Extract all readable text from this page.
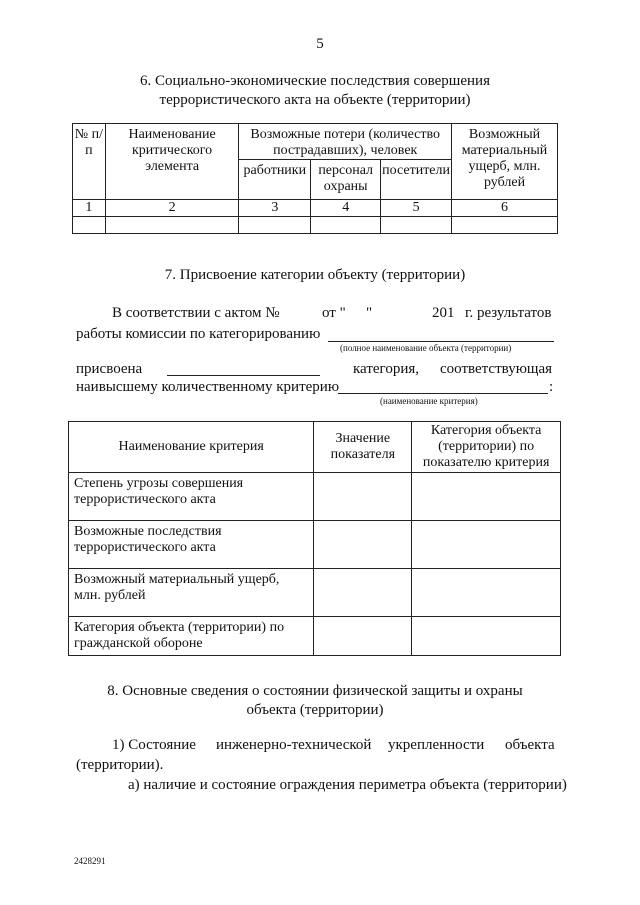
5
6. Социально-экономические последствия совершения
террористического акта на объекте (территории)
№ п/п	Наименование критического элемента	Возможные потери (количество пострадавших), человек			Возможный материальный ущерб, млн. рублей
		работники	персонал охраны	посетители	
1	2	3	4	5	6

7. Присвоение категории объекту (территории)
В соответствии с актом №	от " "	201 г. результатов
работы комиссии по категорированию
(полное наименование объекта (территории)
присвоена	категория, соответствующая
наивысшему количественному критерию	:
(наименование критерия)
Наименование критерия	Значение показателя	Категория объекта (территории) по показателю критерия
Степень угрозы совершения террористического акта		
Возможные последствия террористического акта		
Возможный материальный ущерб, млн. рублей		
Категория объекта (территории) по гражданской обороне		
8. Основные сведения о состоянии физической защиты и охраны
объекта (территории)
1) Состояние инженерно-технической укрепленности объекта
(территории).
а) наличие и состояние ограждения периметра объекта (территории)
2428291
